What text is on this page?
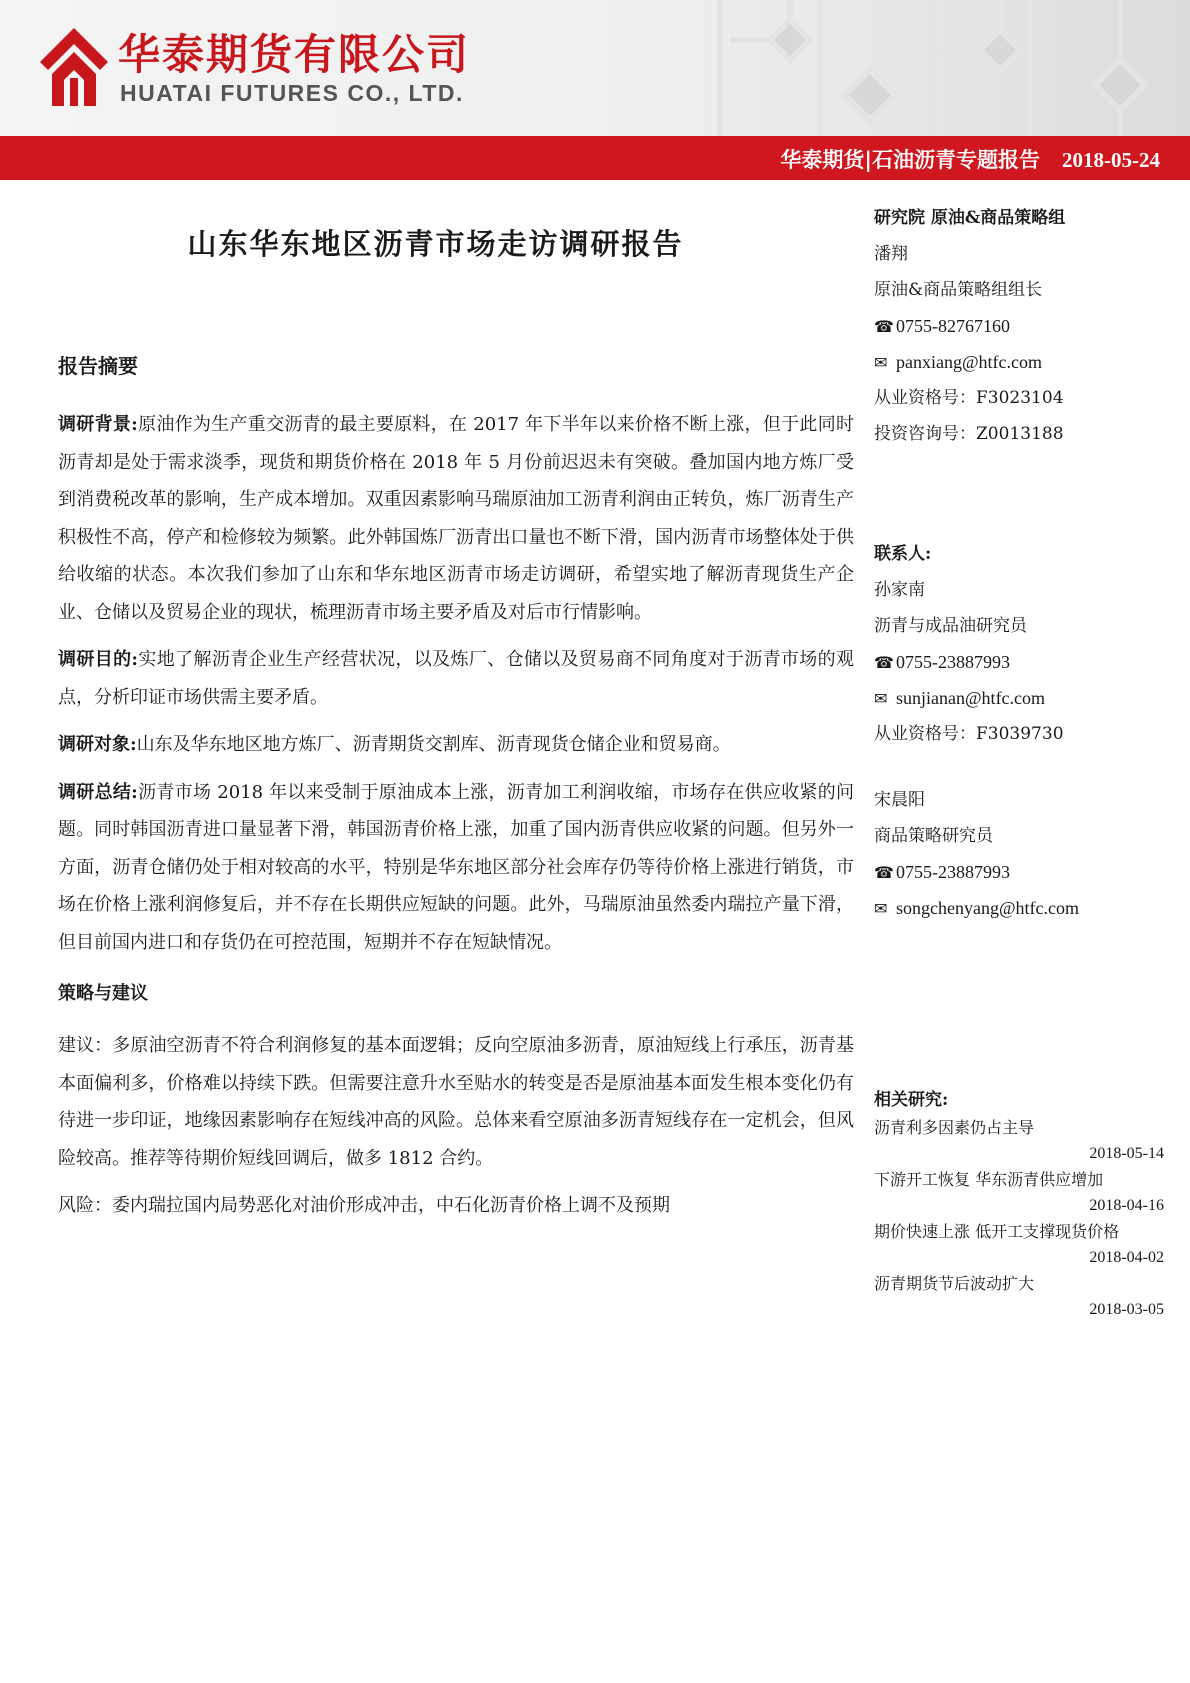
华泰期货有限公司
HUATAI FUTURES CO., LTD.
华泰期货|石油沥青专题报告 2018-05-24
山东华东地区沥青市场走访调研报告
报告摘要

调研背景:原油作为生产重交沥青的最主要原料，在 2017 年下半年以来价格不断上涨，但于此同时沥青却是处于需求淡季，现货和期货价格在 2018 年 5 月份前迟迟未有突破。叠加国内地方炼厂受到消费税改革的影响，生产成本增加。双重因素影响马瑞原油加工沥青利润由正转负，炼厂沥青生产积极性不高，停产和检修较为频繁。此外韩国炼厂沥青出口量也不断下滑，国内沥青市场整体处于供给收缩的状态。本次我们参加了山东和华东地区沥青市场走访调研，希望实地了解沥青现货生产企业、仓储以及贸易企业的现状，梳理沥青市场主要矛盾及对后市行情影响。

调研目的:实地了解沥青企业生产经营状况，以及炼厂、仓储以及贸易商不同角度对于沥青市场的观点，分析印证市场供需主要矛盾。

调研对象:山东及华东地区地方炼厂、沥青期货交割库、沥青现货仓储企业和贸易商。

调研总结:沥青市场 2018 年以来受制于原油成本上涨，沥青加工利润收缩，市场存在供应收紧的问题。同时韩国沥青进口量显著下滑，韩国沥青价格上涨，加重了国内沥青供应收紧的问题。但另外一方面，沥青仓储仍处于相对较高的水平，特别是华东地区部分社会库存仍等待价格上涨进行销货，市场在价格上涨利润修复后，并不存在长期供应短缺的问题。此外，马瑞原油虽然委内瑞拉产量下滑，但目前国内进口和存货仍在可控范围，短期并不存在短缺情况。

策略与建议

建议：多原油空沥青不符合利润修复的基本面逻辑；反向空原油多沥青，原油短线上行承压，沥青基本面偏利多，价格难以持续下跌。但需要注意升水至贴水的转变是否是原油基本面发生根本变化仍有待进一步印证，地缘因素影响存在短线冲高的风险。总体来看空原油多沥青短线存在一定机会，但风险较高。推荐等待期价短线回调后，做多 1812 合约。

风险：委内瑞拉国内局势恶化对油价形成冲击，中石化沥青价格上调不及预期

研究院 原油&商品策略组
潘翔
原油&商品策略组组长
☎ 0755-82767160
✉ panxiang@htfc.com
从业资格号：F3023104
投资咨询号：Z0013188
联系人:
孙家南
沥青与成品油研究员
☎ 0755-23887993
✉ sunjianan@htfc.com
从业资格号：F3039730
宋晨阳
商品策略研究员
☎ 0755-23887993
✉ songchenyang@htfc.com
相关研究:
沥青利多因素仍占主导
2018-05-14
下游开工恢复 华东沥青供应增加
2018-04-16
期价快速上涨 低开工支撑现货价格
2018-04-02
沥青期货节后波动扩大
2018-03-05
